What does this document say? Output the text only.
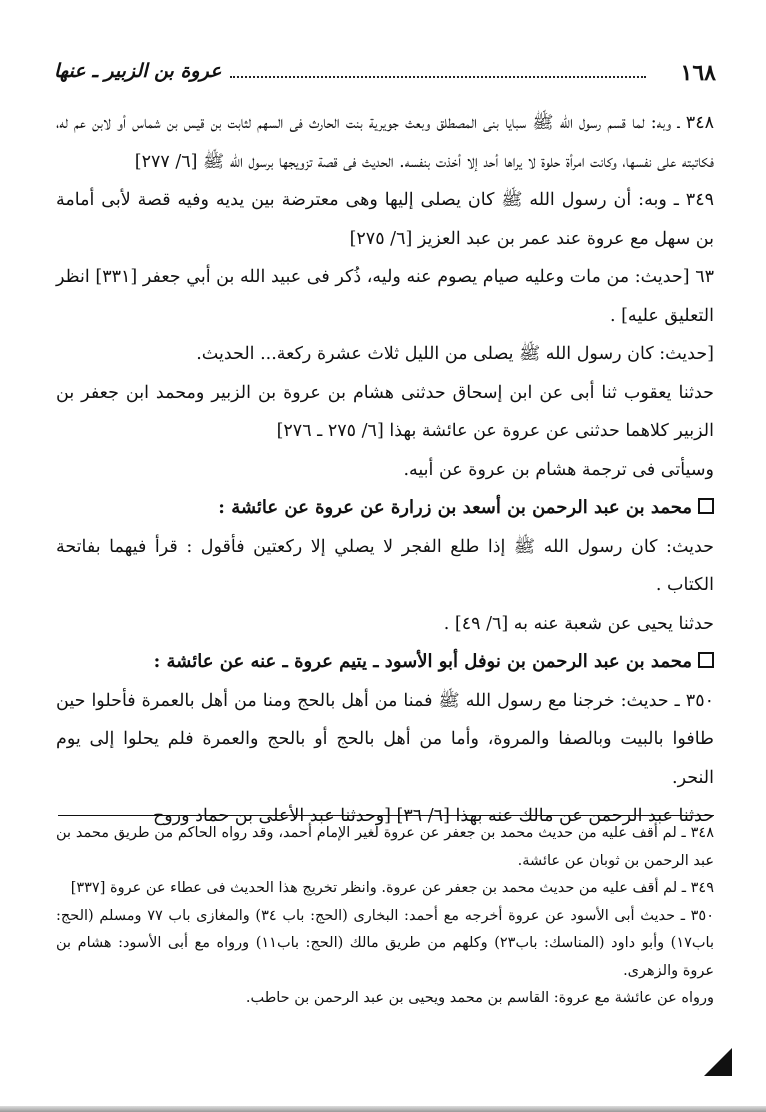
١٦٨
عروة بن الزبير ـ عنها

٣٤٨ ـ وبه: لما قسم رسول الله ﷺ سبايا بنى المصطلق وبعث جويرية بنت الحارث فى السهم لثابت بن قيس بن شماس أو لابن عم له، فكاتبته على نفسها، وكانت امرأة حلوة لا يراها أحد إلا أخذت بنفسه. الحديث فى قصة تزويجها برسول الله ﷺ [٦/ ٢٧٧]

٣٤٩ ـ وبه: أن رسول الله ﷺ كان يصلى إليها وهى معترضة بين يديه وفيه قصة لأبى أمامة بن سهل مع عروة عند عمر بن عبد العزيز [٦/ ٢٧٥]

٦٣ [حديث: من مات وعليه صيام يصوم عنه وليه، ذُكر فى عبيد الله بن أبي جعفر [٣٣١] انظر التعليق عليه] .

[حديث: كان رسول الله ﷺ يصلى من الليل ثلاث عشرة ركعة... الحديث.

حدثنا يعقوب ثنا أبى عن ابن إسحاق حدثنى هشام بن عروة بن الزبير ومحمد ابن جعفر بن الزبير كلاهما حدثنى عن عروة عن عائشة بهذا [٦/ ٢٧٥ ـ ٢٧٦]

وسيأتى فى ترجمة هشام بن عروة عن أبيه.

محمد بن عبد الرحمن بن أسعد بن زرارة عن عروة عن عائشة :

حديث: كان رسول الله ﷺ إذا طلع الفجر لا يصلي إلا ركعتين فأقول : قرأ فيهما بفاتحة الكتاب .

حدثنا يحيى عن شعبة عنه به [٦/ ٤٩] .

محمد بن عبد الرحمن بن نوفل أبو الأسود ـ يتيم عروة ـ عنه عن عائشة :

٣٥٠ ـ حديث: خرجنا مع رسول الله ﷺ فمنا من أهل بالحج ومنا من أهل بالعمرة فأحلوا حين طافوا بالبيت وبالصفا والمروة، وأما من أهل بالحج أو بالحج والعمرة فلم يحلوا إلى يوم النحر.

حدثنا عبد الرحمن عن مالك عنه بهذا [٦/ ٣٦] [وحدثنا عبد الأعلى بن حماد وروح

٣٤٨ ـ لم أقف عليه من حديث محمد بن جعفر عن عروة لغير الإمام أحمد، وقد رواه الحاكم من طريق محمد بن عبد الرحمن بن ثوبان عن عائشة.

٣٤٩ ـ لم أقف عليه من حديث محمد بن جعفر عن عروة. وانظر تخريج هذا الحديث فى عطاء عن عروة [٣٣٧]

٣٥٠ ـ حديث أبى الأسود عن عروة أخرجه مع أحمد: البخارى (الحج: باب ٣٤) والمغازى باب ٧٧ ومسلم (الحج: باب١٧) وأبو داود (المناسك: باب٢٣) وكلهم من طريق مالك (الحج: باب١١) ورواه مع أبى الأسود: هشام بن عروة والزهرى.

ورواه عن عائشة مع عروة: القاسم بن محمد ويحيى بن عبد الرحمن بن حاطب.
